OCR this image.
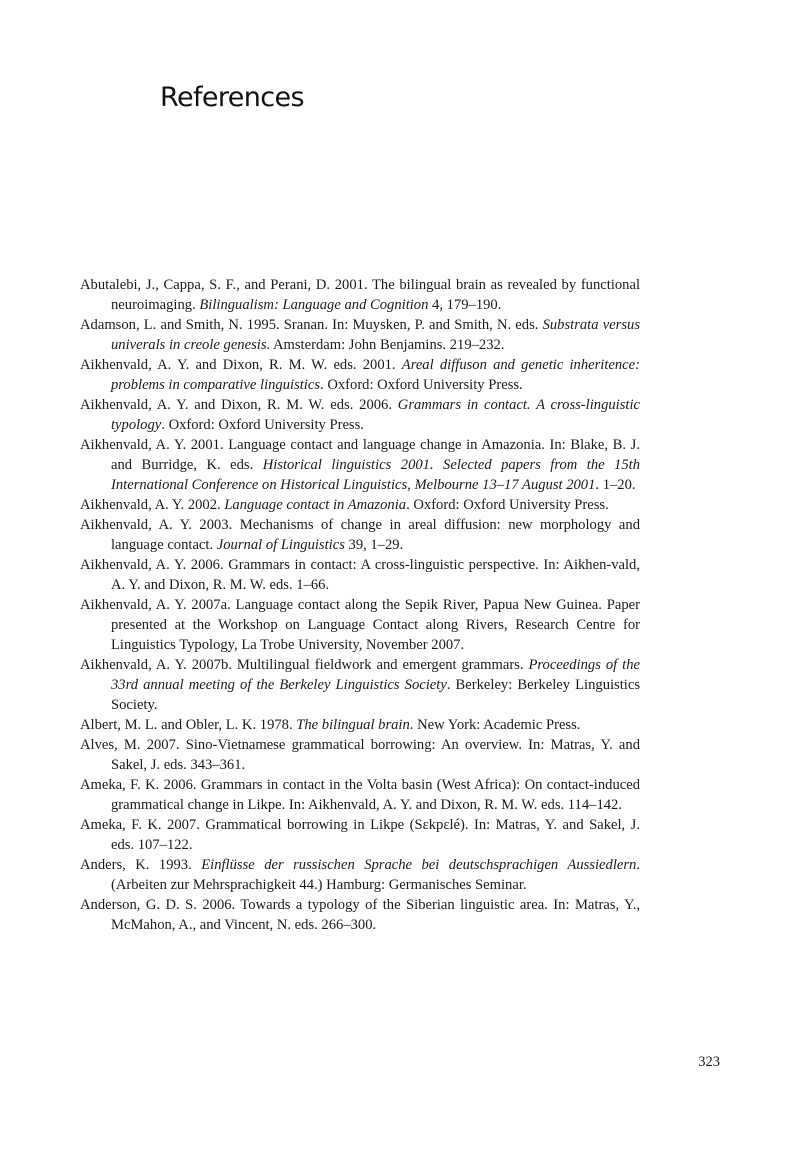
References
Abutalebi, J., Cappa, S. F., and Perani, D. 2001. The bilingual brain as revealed by functional neuroimaging. Bilingualism: Language and Cognition 4, 179–190.
Adamson, L. and Smith, N. 1995. Sranan. In: Muysken, P. and Smith, N. eds. Substrata versus univerals in creole genesis. Amsterdam: John Benjamins. 219–232.
Aikhenvald, A. Y. and Dixon, R. M. W. eds. 2001. Areal diffuson and genetic inheritence: problems in comparative linguistics. Oxford: Oxford University Press.
Aikhenvald, A. Y. and Dixon, R. M. W. eds. 2006. Grammars in contact. A cross-linguistic typology. Oxford: Oxford University Press.
Aikhenvald, A. Y. 2001. Language contact and language change in Amazonia. In: Blake, B. J. and Burridge, K. eds. Historical linguistics 2001. Selected papers from the 15th International Conference on Historical Linguistics, Melbourne 13–17 August 2001. 1–20.
Aikhenvald, A. Y. 2002. Language contact in Amazonia. Oxford: Oxford University Press.
Aikhenvald, A. Y. 2003. Mechanisms of change in areal diffusion: new morphology and language contact. Journal of Linguistics 39, 1–29.
Aikhenvald, A. Y. 2006. Grammars in contact: A cross-linguistic perspective. In: Aikhen-vald, A. Y. and Dixon, R. M. W. eds. 1–66.
Aikhenvald, A. Y. 2007a. Language contact along the Sepik River, Papua New Guinea. Paper presented at the Workshop on Language Contact along Rivers, Research Centre for Linguistics Typology, La Trobe University, November 2007.
Aikhenvald, A. Y. 2007b. Multilingual fieldwork and emergent grammars. Proceedings of the 33rd annual meeting of the Berkeley Linguistics Society. Berkeley: Berkeley Linguistics Society.
Albert, M. L. and Obler, L. K. 1978. The bilingual brain. New York: Academic Press.
Alves, M. 2007. Sino-Vietnamese grammatical borrowing: An overview. In: Matras, Y. and Sakel, J. eds. 343–361.
Ameka, F. K. 2006. Grammars in contact in the Volta basin (West Africa): On contact-induced grammatical change in Likpe. In: Aikhenvald, A. Y. and Dixon, R. M. W. eds. 114–142.
Ameka, F. K. 2007. Grammatical borrowing in Likpe (Sɛkpɛlé). In: Matras, Y. and Sakel, J. eds. 107–122.
Anders, K. 1993. Einflüsse der russischen Sprache bei deutschsprachigen Aussiedlern. (Arbeiten zur Mehrsprachigkeit 44.) Hamburg: Germanisches Seminar.
Anderson, G. D. S. 2006. Towards a typology of the Siberian linguistic area. In: Matras, Y., McMahon, A., and Vincent, N. eds. 266–300.
323
